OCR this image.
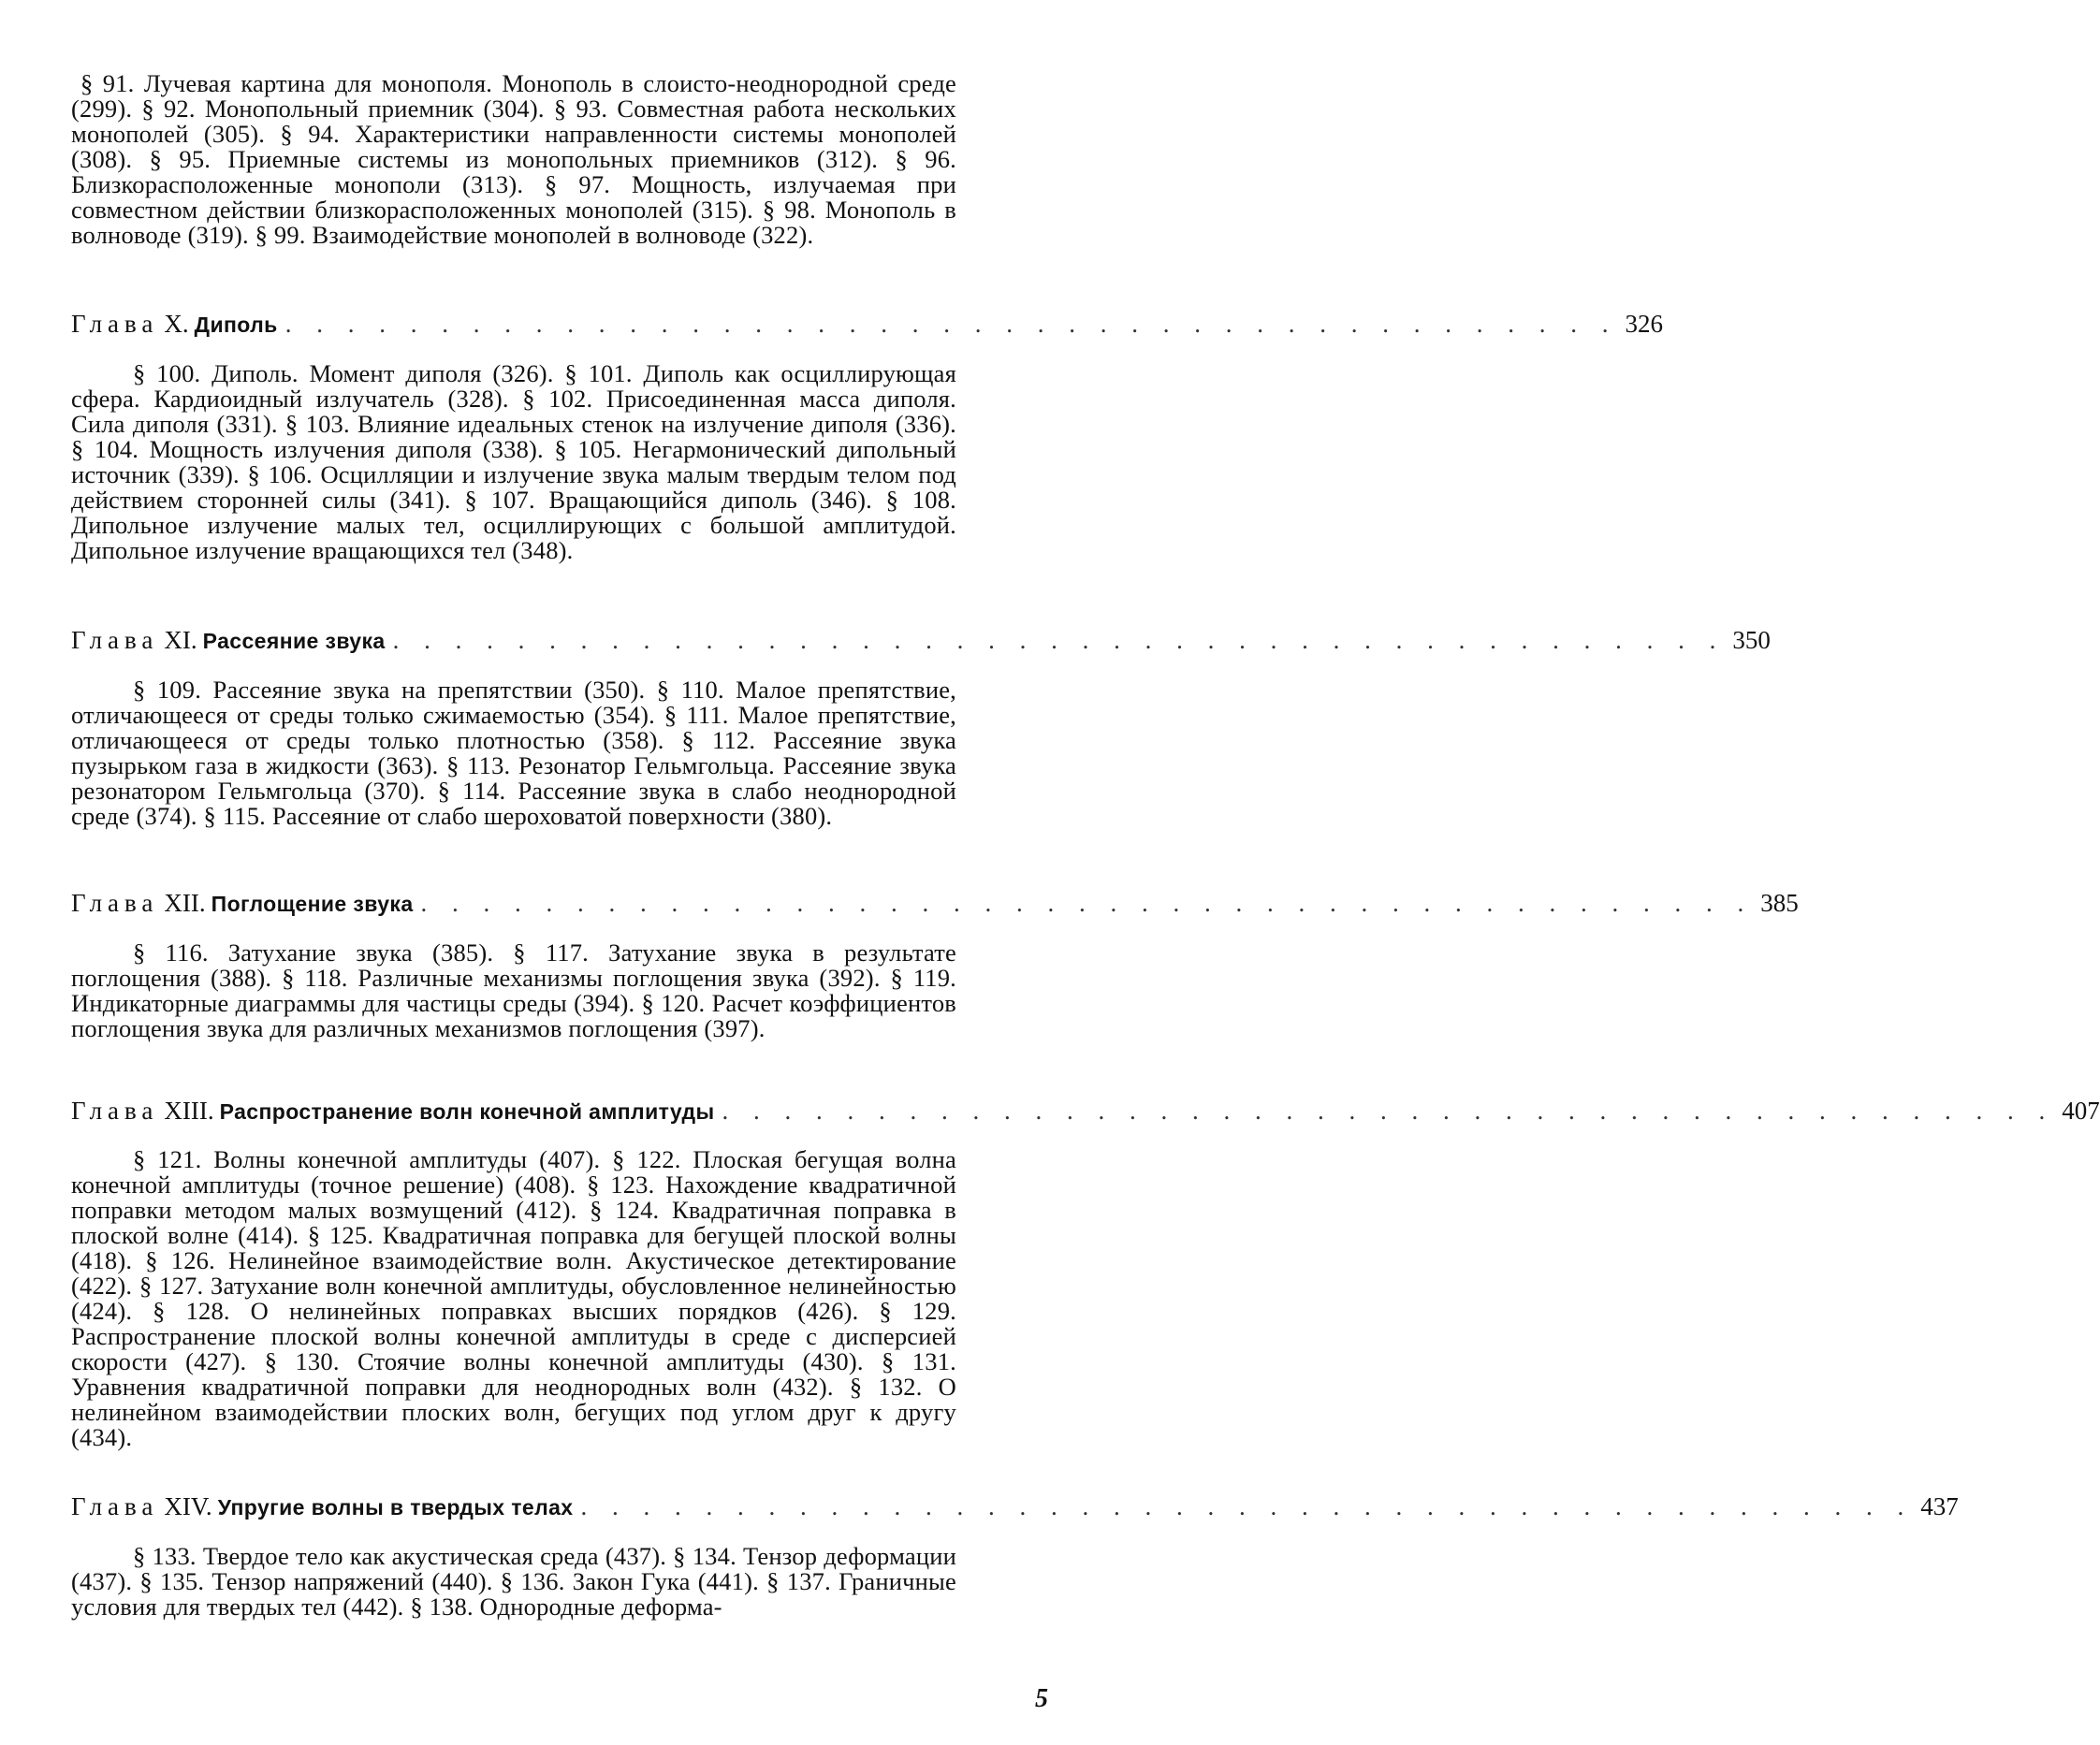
§ 91. Лучевая картина для монополя. Монополь в слоисто-неоднородной среде (299). § 92. Монопольный приемник (304). § 93. Совместная работа нескольких монополей (305). § 94. Характеристики направленности системы монополей (308). § 95. Приемные системы из монопольных приемников (312). § 96. Близкорасположенные монополи (313). § 97. Мощность, излучаемая при совместном действии близкорасположенных монополей (315). § 98. Монополь в волноводе (319). § 99. Взаимодействие монополей в волноводе (322).
Глава X. Диполь . . . . . . . . . . . . . . . . . . . . . . . . . . . . . . . . . . . . . . . . . . . 326
§ 100. Диполь. Момент диполя (326). § 101. Диполь как осциллирующая сфера. Кардиоидный излучатель (328). § 102. Присоединенная масса диполя. Сила диполя (331). § 103. Влияние идеальных стенок на излучение диполя (336). § 104. Мощность излучения диполя (338). § 105. Негармонический дипольный источник (339). § 106. Осцилляции и излучение звука малым твердым телом под действием сторонней силы (341). § 107. Вращающийся диполь (346). § 108. Дипольное излучение малых тел, осциллирующих с большой амплитудой. Дипольное излучение вращающихся тел (348).
Глава XI. Рассеяние звука . . . . . . . . . . . . . . . . . . . . . . . . . . . . . . . . . . . . . . . . . . . 350
§ 109. Рассеяние звука на препятствии (350). § 110. Малое препятствие, отличающееся от среды только сжимаемостью (354). § 111. Малое препятствие, отличающееся от среды только плотностью (358). § 112. Рассеяние звука пузырьком газа в жидкости (363). § 113. Резонатор Гельмгольца. Рассеяние звука резонатором Гельмгольца (370). § 114. Рассеяние звука в слабо неоднородной среде (374). § 115. Рассеяние от слабо шероховатой поверхности (380).
Глава XII. Поглощение звука . . . . . . . . . . . . . . . . . . . . . . . . . . . . . . . . . . . . . . . . . . . 385
§ 116. Затухание звука (385). § 117. Затухание звука в результате поглощения (388). § 118. Различные механизмы поглощения звука (392). § 119. Индикаторные диаграммы для частицы среды (394). § 120. Расчет коэффициентов поглощения звука для различных механизмов поглощения (397).
Глава XIII. Распространение волн конечной амплитуды . . . . . . . . . . . . . . . . . . . . . . . . . . . . . . . . . . . . . . . . . . . 407
§ 121. Волны конечной амплитуды (407). § 122. Плоская бегущая волна конечной амплитуды (точное решение) (408). § 123. Нахождение квадратичной поправки методом малых возмущений (412). § 124. Квадратичная поправка в плоской волне (414). § 125. Квадратичная поправка для бегущей плоской волны (418). § 126. Нелинейное взаимодействие волн. Акустическое детектирование (422). § 127. Затухание волн конечной амплитуды, обусловленное нелинейностью (424). § 128. О нелинейных поправках высших порядков (426). § 129. Распространение плоской волны конечной амплитуды в среде с дисперсией скорости (427). § 130. Стоячие волны конечной амплитуды (430). § 131. Уравнения квадратичной поправки для неоднородных волн (432). § 132. О нелинейном взаимодействии плоских волн, бегущих под углом друг к другу (434).
Глава XIV. Упругие волны в твердых телах . . . . . . . . . . . . . . . . . . . . . . . . . . . . . . . . . . . . . . . . . . . 437
§ 133. Твердое тело как акустическая среда (437). § 134. Тензор деформации (437). § 135. Тензор напряжений (440). § 136. Закон Гука (441). § 137. Граничные условия для твердых тел (442). § 138. Однородные деформа-
5
